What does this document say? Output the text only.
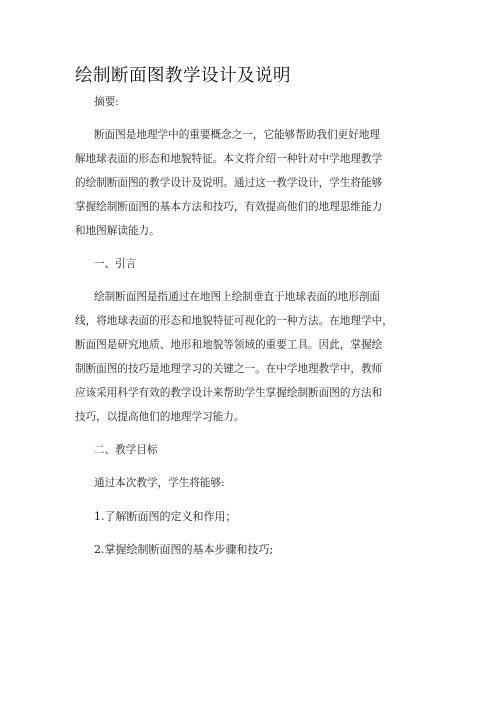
绘制断面图教学设计及说明
摘要:
断面图是地理学中的重要概念之一，它能够帮助我们更好地理
解地球表面的形态和地貌特征。本文将介绍一种针对中学地理教学
的绘制断面图的教学设计及说明。通过这一教学设计，学生将能够
掌握绘制断面图的基本方法和技巧，有效提高他们的地理思维能力
和地图解读能力。
一、引言
绘制断面图是指通过在地图上绘制垂直于地球表面的地形剖面
线，将地球表面的形态和地貌特征可视化的一种方法。在地理学中，
断面图是研究地质、地形和地貌等领域的重要工具。因此，掌握绘
制断面图的技巧是地理学习的关键之一。在中学地理教学中，教师
应该采用科学有效的教学设计来帮助学生掌握绘制断面图的方法和
技巧，以提高他们的地理学习能力。
二、教学目标
通过本次教学，学生将能够:
1.了解断面图的定义和作用；
2.掌握绘制断面图的基本步骤和技巧;
